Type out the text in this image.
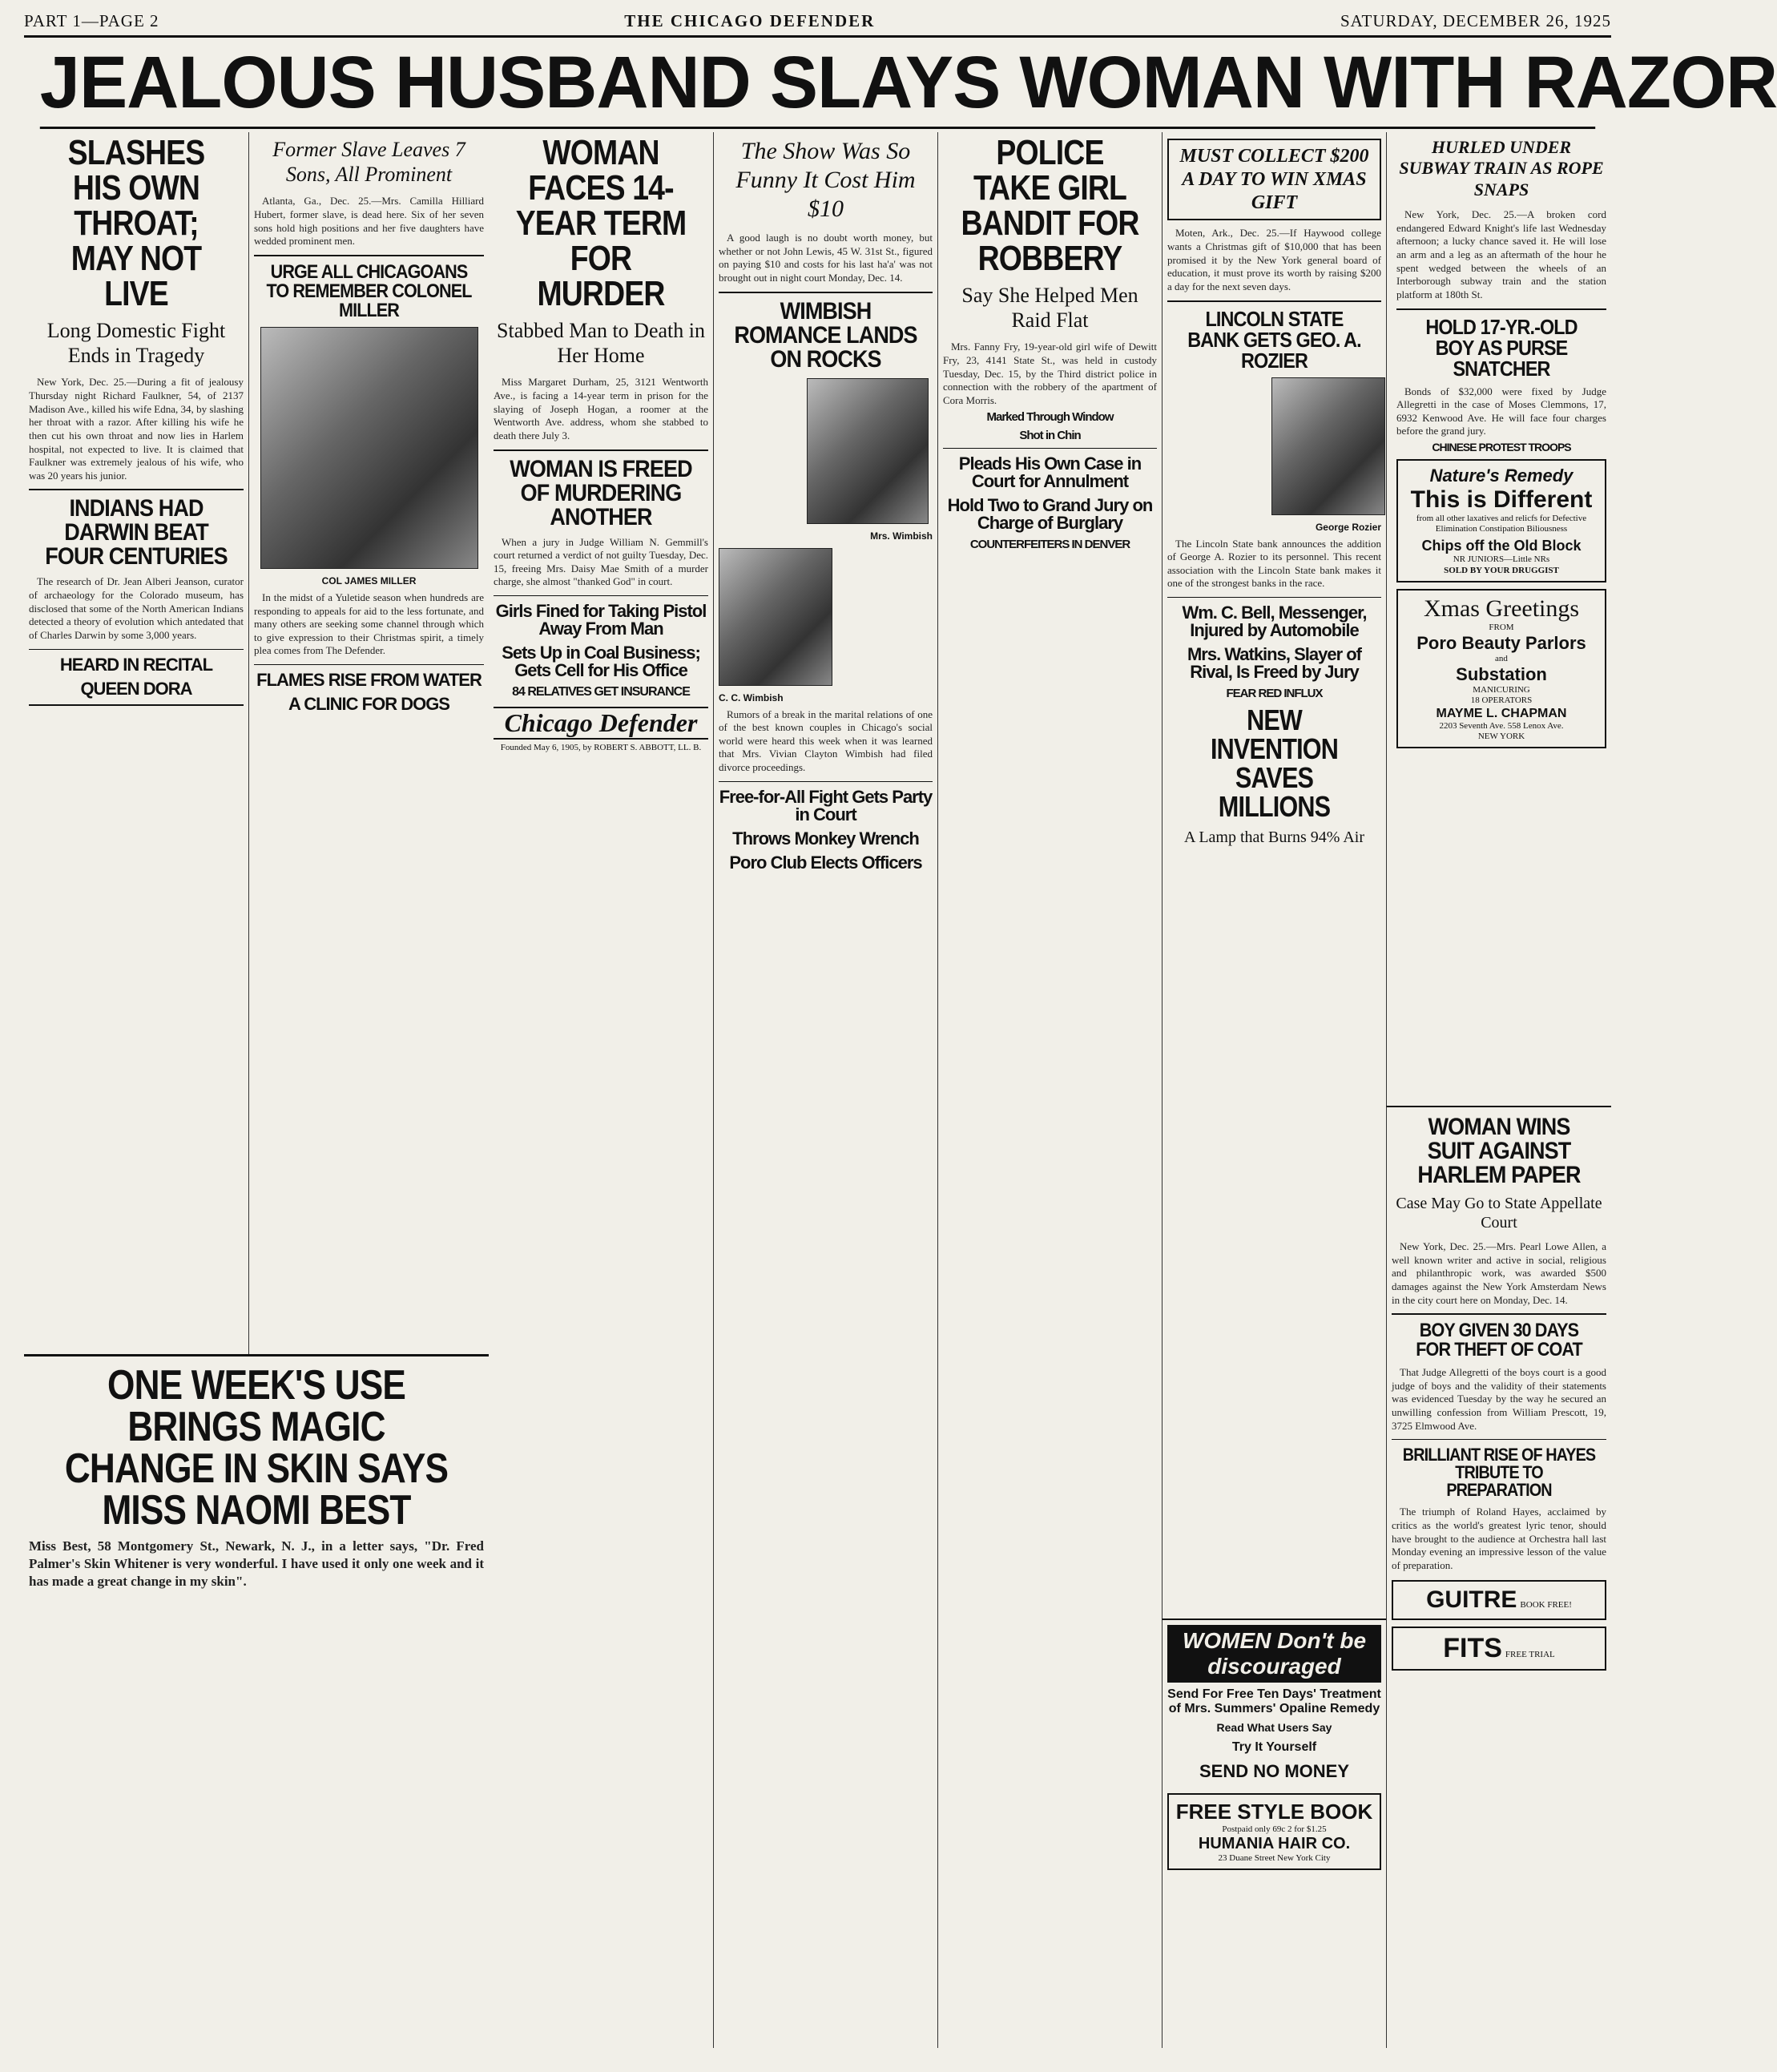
PART 1—PAGE 2	THE CHICAGO DEFENDER	SATURDAY, DECEMBER 26, 1925
JEALOUS HUSBAND SLAYS WOMAN WITH RAZOR
SLASHES HIS OWN THROAT; MAY NOT LIVE
Long Domestic Fight Ends in Tragedy

New York, Dec. 25.—During a fit of jealousy Thursday night Richard Faulkner, 54, of 2137 Madison Ave., killed his wife Edna, 34, by slashing her throat with a razor. After killing his wife he then cut his own throat and now lies in Harlem hospital, not expected to live. It is claimed that Faulkner was extremely jealous of his wife, who was 20 years his junior.

INDIANS HAD DARWIN BEAT FOUR CENTURIES

The research of Dr. Jean Alberi Jeanson, curator of archaeology for the Colorado museum, has disclosed that some of the North American Indians detected a theory of evolution which antedated that of Charles Darwin by some 3,000 years.

HEARD IN RECITAL
QUEEN DORA
Former Slave Leaves 7 Sons, All Prominent

Atlanta, Ga., Dec. 25.—Mrs. Camilla Hilliard Hubert, former slave, is dead here. Six of her seven sons hold high positions and her five daughters have wedded prominent men.

URGE ALL CHICAGOANS TO REMEMBER COLONEL MILLER
COL JAMES MILLER

In the midst of a Yuletide season when hundreds are responding to appeals for aid to the less fortunate, and many others are seeking some channel through which to give expression to their Christmas spirit, a timely plea comes from The Defender.

FLAMES RISE FROM WATER
A CLINIC FOR DOGS
ONE WEEK'S USE BRINGS MAGIC CHANGE IN SKIN SAYS MISS NAOMI BEST
Miss Best, 58 Montgomery St., Newark, N. J., in a letter says, "Dr. Fred Palmer's Skin Whitener is very wonderful. I have used it only one week and it has made a great change in my skin".
WOMAN FACES 14-YEAR TERM FOR MURDER
Stabbed Man to Death in Her Home

Miss Margaret Durham, 25, 3121 Wentworth Ave., is facing a 14-year term in prison for the slaying of Joseph Hogan, a roomer at the Wentworth Ave. address, whom she stabbed to death there July 3.

WOMAN IS FREED OF MURDERING ANOTHER

When a jury in Judge William N. Gemmill's court returned a verdict of not guilty Tuesday, Dec. 15, freeing Mrs. Daisy Mae Smith of a murder charge, she almost "thanked God" in court.

Girls Fined for Taking Pistol Away From Man
Sets Up in Coal Business; Gets Cell for His Office
84 RELATIVES GET INSURANCE
Chicago Defender
Founded May 6, 1905, by ROBERT S. ABBOTT, LL. B.
The Show Was So Funny It Cost Him $10

A good laugh is no doubt worth money, but whether or not John Lewis, 45 W. 31st St., figured on paying $10 and costs for his last ha'a' was not brought out in night court Monday, Dec. 14.

WIMBISH ROMANCE LANDS ON ROCKS
Mrs. Wimbish
C. C. Wimbish

Rumors of a break in the marital relations of one of the best known couples in Chicago's social world were heard this week when it was learned that Mrs. Vivian Clayton Wimbish had filed divorce proceedings.

Free-for-All Fight Gets Party in Court
Throws Monkey Wrench
Poro Club Elects Officers
POLICE TAKE GIRL BANDIT FOR ROBBERY
Say She Helped Men Raid Flat

Mrs. Fanny Fry, 19-year-old girl wife of Dewitt Fry, 23, 4141 State St., was held in custody Tuesday, Dec. 15, by the Third district police in connection with the robbery of the apartment of Cora Morris.

Marked Through Window
Shot in Chin
Pleads His Own Case in Court for Annulment
Hold Two to Grand Jury on Charge of Burglary
COUNTERFEITERS IN DENVER
MUST COLLECT $200 A DAY TO WIN XMAS GIFT

Moten, Ark., Dec. 25.—If Haywood college wants a Christmas gift of $10,000 that has been promised it by the New York general board of education, it must prove its worth by raising $200 a day for the next seven days.

LINCOLN STATE BANK GETS GEO. A. ROZIER
George Rozier

The Lincoln State bank announces the addition of George A. Rozier to its personnel. This recent association with the Lincoln State bank makes it one of the strongest banks in the race.

Wm. C. Bell, Messenger, Injured by Automobile
Mrs. Watkins, Slayer of Rival, Is Freed by Jury
FEAR RED INFLUX
NEW INVENTION SAVES MILLIONS
A Lamp that Burns 94% Air
HURLED UNDER SUBWAY TRAIN AS ROPE SNAPS

New York, Dec. 25.—A broken cord endangered Edward Knight's life last Wednesday afternoon; a lucky chance saved it. He will lose an arm and a leg as an aftermath of the hour he spent wedged between the wheels of an Interborough subway train and the station platform at 180th St.

HOLD 17-YR.-OLD BOY AS PURSE SNATCHER

Bonds of $32,000 were fixed by Judge Allegretti in the case of Moses Clemmons, 17, 6932 Kenwood Ave. He will face four charges before the grand jury.

CHINESE PROTEST TROOPS
Nature's Remedy
This is Different
from all other laxatives and relicfs for Defective Elimination Constipation Biliousness
Chips off the Old Block
NR JUNIORS—Little NRs
SOLD BY YOUR DRUGGIST
Xmas Greetings
FROM
Poro Beauty Parlors
and
Substation
MANICURING
18 OPERATORS
MAYME L. CHAPMAN
2203 Seventh Ave. 558 Lenox Ave.
NEW YORK
WOMAN WINS SUIT AGAINST HARLEM PAPER
Case May Go to State Appellate Court

New York, Dec. 25.—Mrs. Pearl Lowe Allen, a well known writer and active in social, religious and philanthropic work, was awarded $500 damages against the New York Amsterdam News in the city court here on Monday, Dec. 14.

BOY GIVEN 30 DAYS FOR THEFT OF COAT

That Judge Allegretti of the boys court is a good judge of boys and the validity of their statements was evidenced Tuesday by the way he secured an unwilling confession from William Prescott, 19, 3725 Elmwood Ave.

BRILLIANT RISE OF HAYES TRIBUTE TO PREPARATION

The triumph of Roland Hayes, acclaimed by critics as the world's greatest lyric tenor, should have brought to the audience at Orchestra hall last Monday evening an impressive lesson of the value of preparation.

GUITRE BOOK FREE!
FITS FREE TRIAL
WOMEN Don't be discouraged
Send For Free Ten Days' Treatment of Mrs. Summers' Opaline Remedy
Read What Users Say
Try It Yourself
SEND NO MONEY
FREE STYLE BOOK
Postpaid only 69c 2 for $1.25
HUMANIA HAIR CO.
23 Duane Street New York City
